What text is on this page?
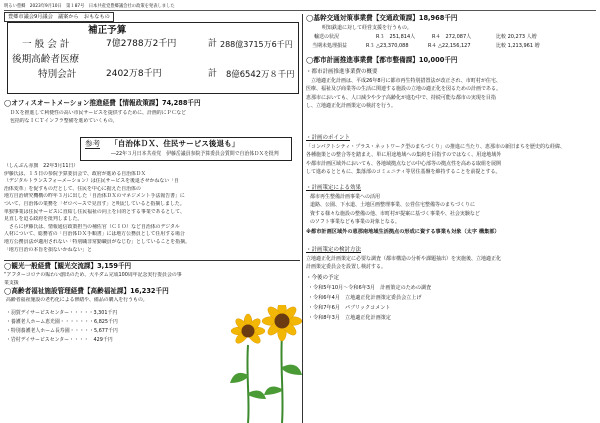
明るい豊郷　2023年9月10日　第１87号　日本共産党豊郷議会社の政策を発表しました
豊郷市議会9月議会　議案から　おもなもの
補正予算
一 般 会 計	7億2788万2千円	計 288億3715万6千円
後期高齢者医療
特別会計	2402万8千円	計 8億6542万８千円
◯オフィスオートメーション推進経費【情報政策課】74,288千円

ＤＸを推進して利便性の高い市民サービスを提供するために、計画的にＰＣなど

包括的なＩＣＴインフラ整備を進めていくもの。

参考 「自治体ＤＸ、住民サービス後退も」
―22年３月日本共産党　伊藤岳議員参院予算委員会質問で自治体ＤＸを批判

（しんぶん赤旗　22年3月11日）

伊藤氏は、１５日の参院予算委員会で、政府が進める自治体ＤＸ

（デジタルトランスフォーメーション）は住民サービスを後退させかねない「自

治体変革」を促すものだとして、住民を中心に据えた自治体の

地方自治研究機構の昨年３月に出した「自治体ＤＸのマネジメント手法報告書」に

ついて、自治体の業務を「ゼロベースで見直す」と明記していると指摘しました。

単独事業は住民サービスに直結し住民福祉の向上を目的とする事業であるとして、

見直しを迫る政府を批判しました。

　さらに伊藤氏は、情報通信政策担当の補佐官（ＣＩＯ）など自治体のデジタル

人材について、総務省の「自治体ＤＸ手順書」には地方公務員として任用する場合

地方公務員法が適用されない「特別職非常勤職員がなじむ」としていることを指摘。

「地方自治の本旨を損ないかねない」と

◯観光一般経費【観光交流課】3,159千円

“アフターコロナの賑わい創出のため、大平ダム完成100周年記念実行委員会の事

業支援

◯高齢者福祉施設管理経費【高齢福祉課】16,232千円

高齢者福祉施設の老朽化による修繕や、備品の購入を行うもの。

・羽賀デイサービスセンター・・・・・3,301千円

・養護老人ホーム恵光園・・・・・・・6,825千円

・特別養護老人ホーム長寿園・・・・・5,677千円

・岩村デイサービスセンター・・・・　429千円

◯基幹交通対策事業費【交通政策課】18,968千円
明知鉄道に対して経営支援を行うもの。
輸送の状況	R３　251,814人	R４　272,087人	比較 20,273 人増
当期未処理損益	R３ △23,370,088	R４ △22,156,127	比較 1,213,961 増
◯都市計画推進事業費【都市整備課】10,000千円
・都市計画推進事業費の概要

　立地適正化計画は、平成26年8月に都市再生特別措置法が改正され、市町村が住宅、

医療、福祉及び商業等の生活に関連する施設の立地の適正化を図るための計画である。

恵那市においても、人口減少や少子高齢化が進む中で、持続可能な都市の実現を目指

し、立地適正化計画策定の検討を行う。

・計画のポイント

「コンパクトシティ・プラス・ネットワーク型のまちづくり」の推進に当たり、恵那市の新旧まちを歴史的な経緯、

各種施策との整合等を踏まえ、単に用途地域への集約を目指すのではなく、用途地域外

や都市計画区域外においても、各地域拠点などの中心部等の拠点性を高める取組を展開

して進めるとともに、集落部のコミュニティ等居住基盤を維持することを前提とする。

・計画策定による効果

都市再生整備計画事業への活用

道路、公園、下水道、土地区画整理事業、公営住宅整備等のまちづくりに

資する様々な施設の整備の他、市町村が提案に基づく事業や、社会実験など

のソフト事業なども事業の対象となる。

※都市計画区域外の恵那南地域生活拠点の形成に資する事業も対象（太字 構集部）
・計画策定の検討方法

立地適正化計画策定に必要な調査（都市構造の分析や課題抽出）を実施後、立地適正化

計画策定委員会を設置し検討する。

・今後の予定

・令和5年10月～令和6年3月　計画策定のための調査

・令和6年4月　立地適正化計画策定委員会立上げ

・令和7年6月　パブリックコメント

・令和8年3月　立地適正化計画策定
